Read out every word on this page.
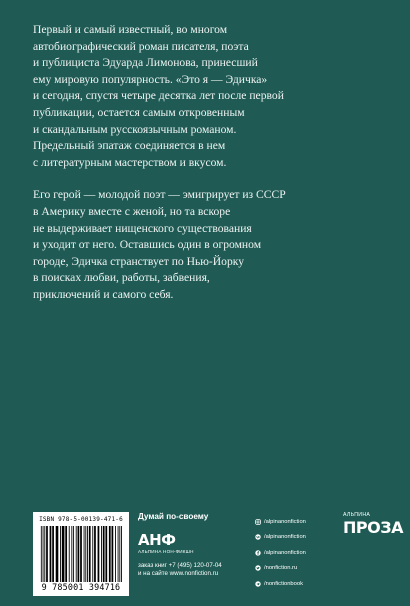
Первый и самый известный, во многом
автобиографический роман писателя, поэта
и публициста Эдуарда Лимонова, принесший
ему мировую популярность. «Это я — Эдичка»
и сегодня, спустя четыре десятка лет после первой
публикации, остается самым откровенным
и скандальным русскоязычным романом.
Предельный эпатаж соединяется в нем
с литературным мастерством и вкусом.

Его герой — молодой поэт — эмигрирует из СССР
в Америку вместе с женой, но та вскоре
не выдерживает нищенского существования
и уходит от него. Оставшись один в огромном
городе, Эдичка странствует по Нью-Йорку
в поисках любви, работы, забвения,
приключений и самого себя.

ISBN 978-5-00139-471-6
9 785001 394716
Думай по-своему
АНФ
АЛЬПИНА НОН-ФИКШН
заказ книг +7 (495) 120-07-04
и на сайте www.nonfiction.ru
/alpinanonfiction
/alpinanonfiction
/alpinanonfiction
/nonfiction.ru
/nonfictionbook
АЛЬПИНА
ПРОЗА
